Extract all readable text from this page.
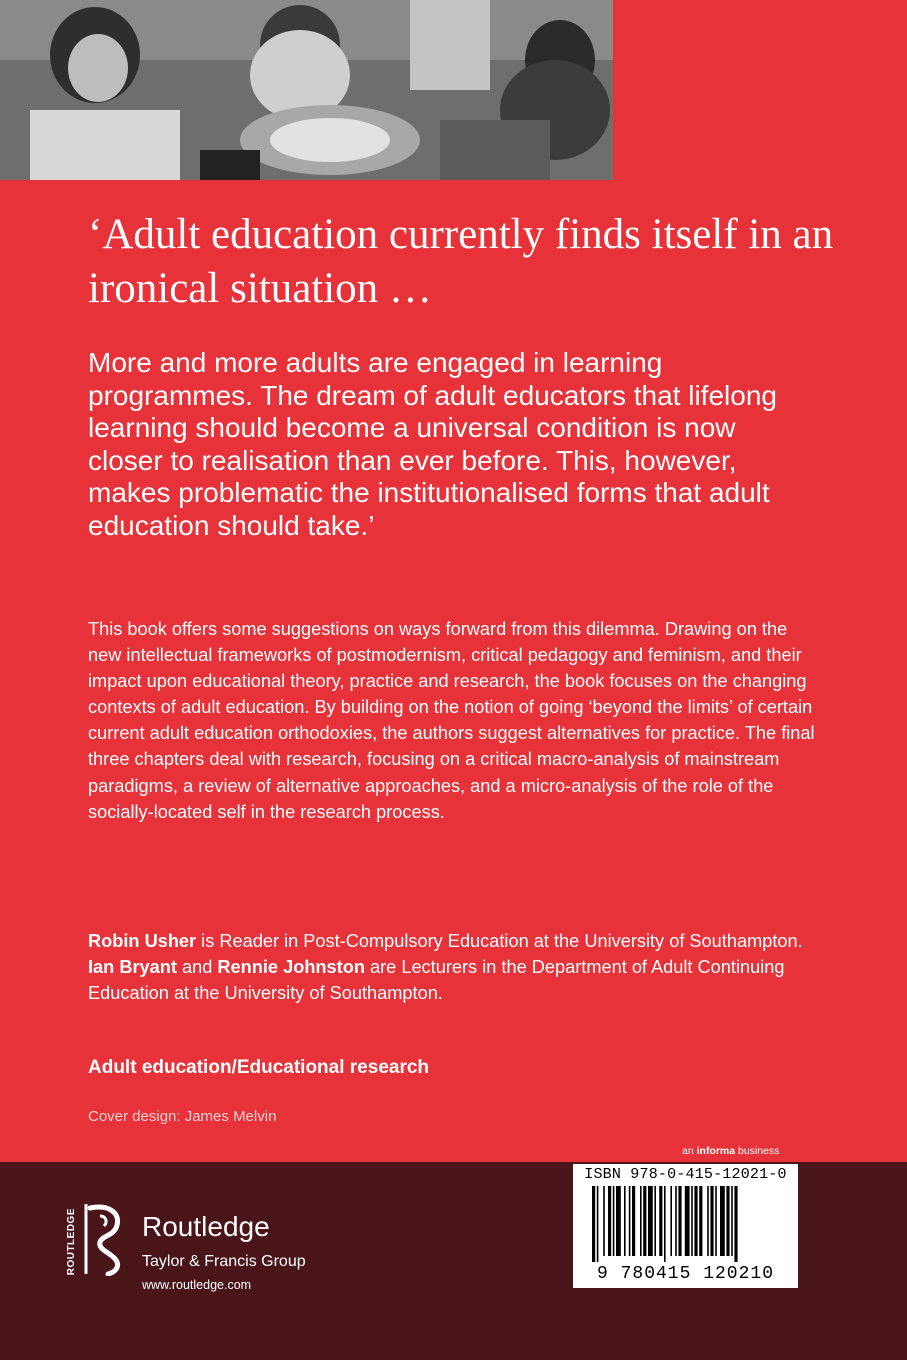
‘Adult education currently finds itself in an ironical situation …

More and more adults are engaged in learning programmes. The dream of adult educators that lifelong learning should become a universal condition is now closer to realisation than ever before. This, however, makes problematic the institutionalised forms that adult education should take.’

This book offers some suggestions on ways forward from this dilemma. Drawing on the new intellectual frameworks of postmodernism, critical pedagogy and feminism, and their impact upon educational theory, practice and research, the book focuses on the changing contexts of adult education. By building on the notion of going ‘beyond the limits’ of certain current adult education orthodoxies, the authors suggest alternatives for practice. The final three chapters deal with research, focusing on a critical macro-analysis of mainstream paradigms, a review of alternative approaches, and a micro-analysis of the role of the socially-located self in the research process.

Robin Usher is Reader in Post-Compulsory Education at the University of Southampton. Ian Bryant and Rennie Johnston are Lecturers in the Department of Adult Continuing Education at the University of Southampton.

Adult education/Educational research

Cover design: James Melvin

an informa business
ROUTLEDGE Routledge
Taylor & Francis Group
www.routledge.com
ISBN 978-0-415-12021-0
9 780415 120210
